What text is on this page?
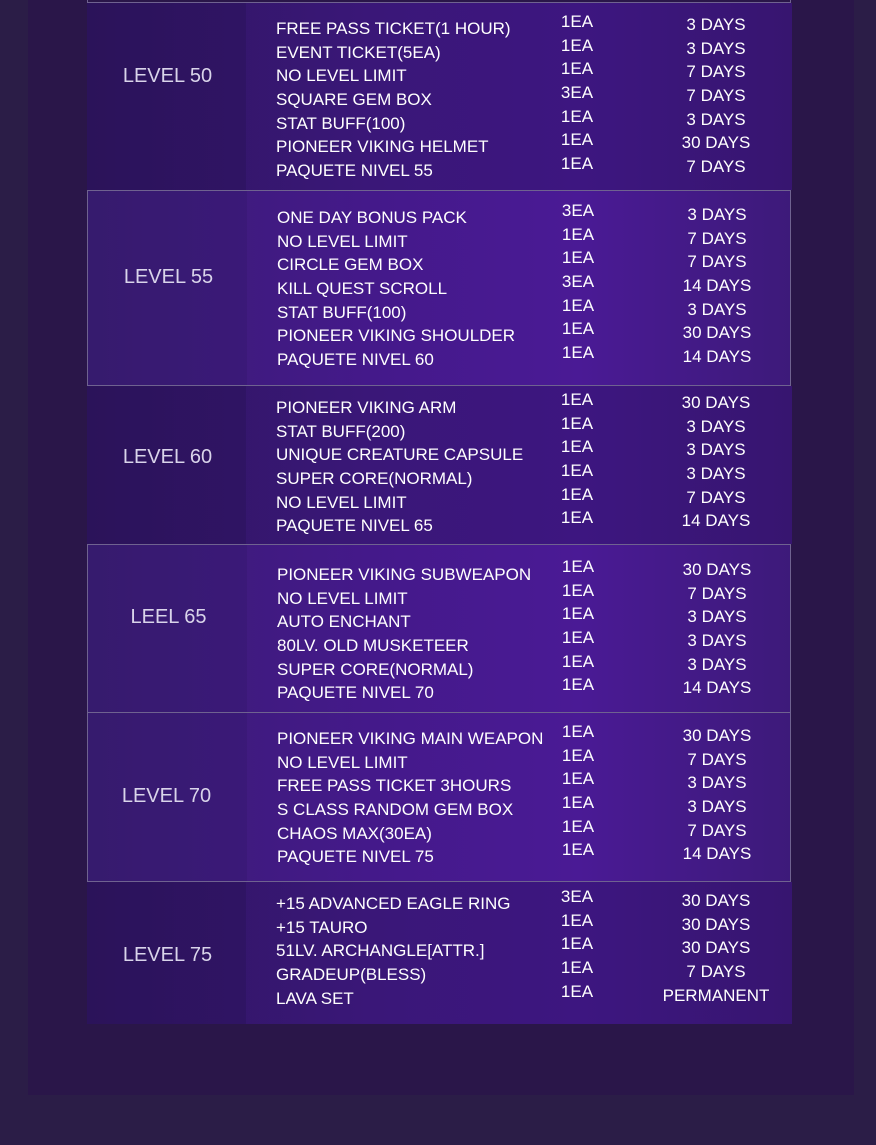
LEVEL 50
FREE PASS TICKET(1 HOUR)
EVENT TICKET(5EA)
NO LEVEL LIMIT
SQUARE GEM BOX
STAT BUFF(100)
PIONEER VIKING HELMET
PAQUETE NIVEL 55
1EA
1EA
1EA
3EA
1EA
1EA
1EA
3 DAYS
3 DAYS
7 DAYS
7 DAYS
3 DAYS
30 DAYS
7 DAYS
LEVEL 55
ONE DAY BONUS PACK
NO LEVEL LIMIT
CIRCLE GEM BOX
KILL QUEST SCROLL
STAT BUFF(100)
PIONEER VIKING SHOULDER
PAQUETE NIVEL 60
3EA
1EA
1EA
3EA
1EA
1EA
1EA
3 DAYS
7 DAYS
7 DAYS
14 DAYS
3 DAYS
30 DAYS
14 DAYS
LEVEL 60
PIONEER VIKING ARM
STAT BUFF(200)
UNIQUE CREATURE CAPSULE
SUPER CORE(NORMAL)
NO LEVEL LIMIT
PAQUETE NIVEL 65
1EA
1EA
1EA
1EA
1EA
1EA
30 DAYS
3 DAYS
3 DAYS
3 DAYS
7 DAYS
14 DAYS
LEEL 65
PIONEER VIKING SUBWEAPON
NO LEVEL LIMIT
AUTO ENCHANT
80LV. OLD MUSKETEER
SUPER CORE(NORMAL)
PAQUETE NIVEL 70
1EA
1EA
1EA
1EA
1EA
1EA
30 DAYS
7 DAYS
3 DAYS
3 DAYS
3 DAYS
14 DAYS
LEVEL 70
PIONEER VIKING MAIN WEAPON
NO LEVEL LIMIT
FREE PASS TICKET 3HOURS
S CLASS RANDOM GEM BOX
CHAOS MAX(30EA)
PAQUETE NIVEL 75
1EA
1EA
1EA
1EA
1EA
1EA
30 DAYS
7 DAYS
3 DAYS
3 DAYS
7 DAYS
14 DAYS
LEVEL 75
+15 ADVANCED EAGLE RING
+15 TAURO
51LV. ARCHANGLE[ATTR.]
GRADEUP(BLESS)
LAVA SET
3EA
1EA
1EA
1EA
1EA
30 DAYS
30 DAYS
30 DAYS
7 DAYS
PERMANENT
